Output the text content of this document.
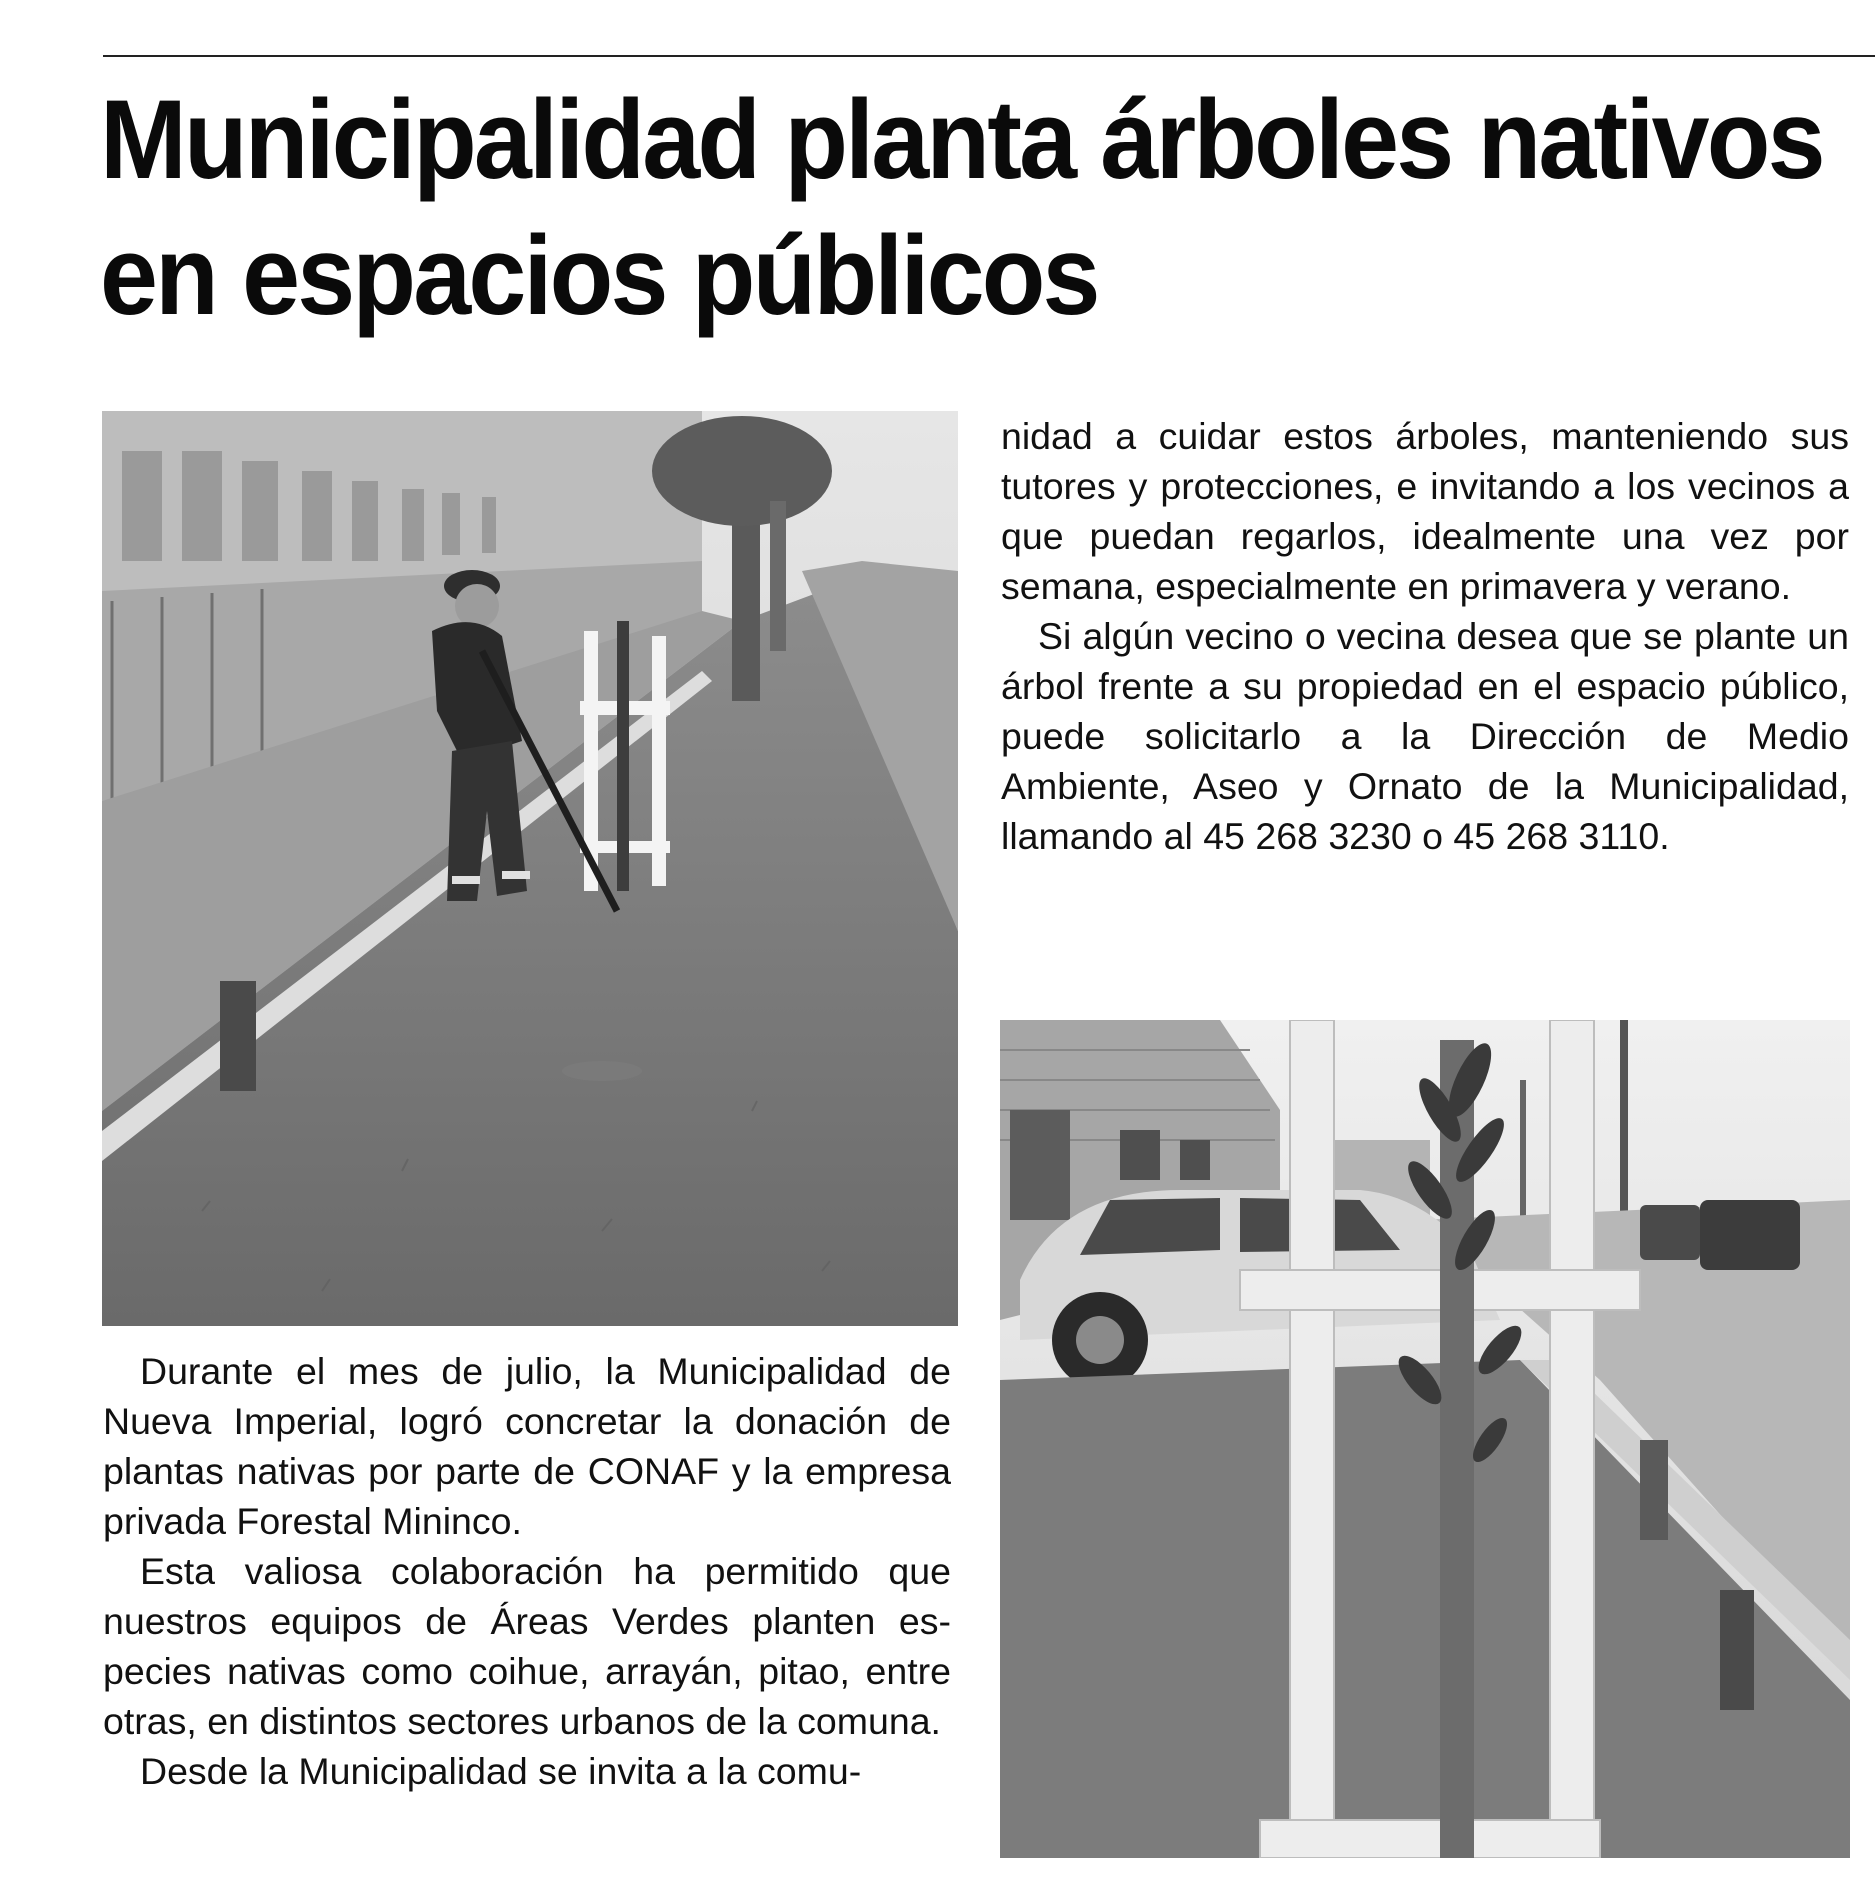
Municipalidad planta árboles nativos
en espacios públicos

Durante el mes de julio, la Municipalidad de Nueva Imperial, logró concretar la donación de plantas nativas por parte de CONAF y la empresa privada Forestal Mininco.

Esta valiosa colaboración ha permitido que nuestros equipos de Áreas Verdes planten especies nativas como coihue, arrayán, pitao, entre otras, en distintos sectores urbanos de la comuna.

Desde la Municipalidad se invita a la comu-

nidad a cuidar estos árboles, manteniendo sus tutores y protecciones, e invitando a los vecinos a que puedan regarlos, idealmente una vez por semana, especialmente en primavera y verano.

Si algún vecino o vecina desea que se plante un árbol frente a su propiedad en el espacio público, puede solicitarlo a la Dirección de Medio Ambiente, Aseo y Ornato de la Municipalidad, llamando al 45 268 3230 o 45 268 3110.
